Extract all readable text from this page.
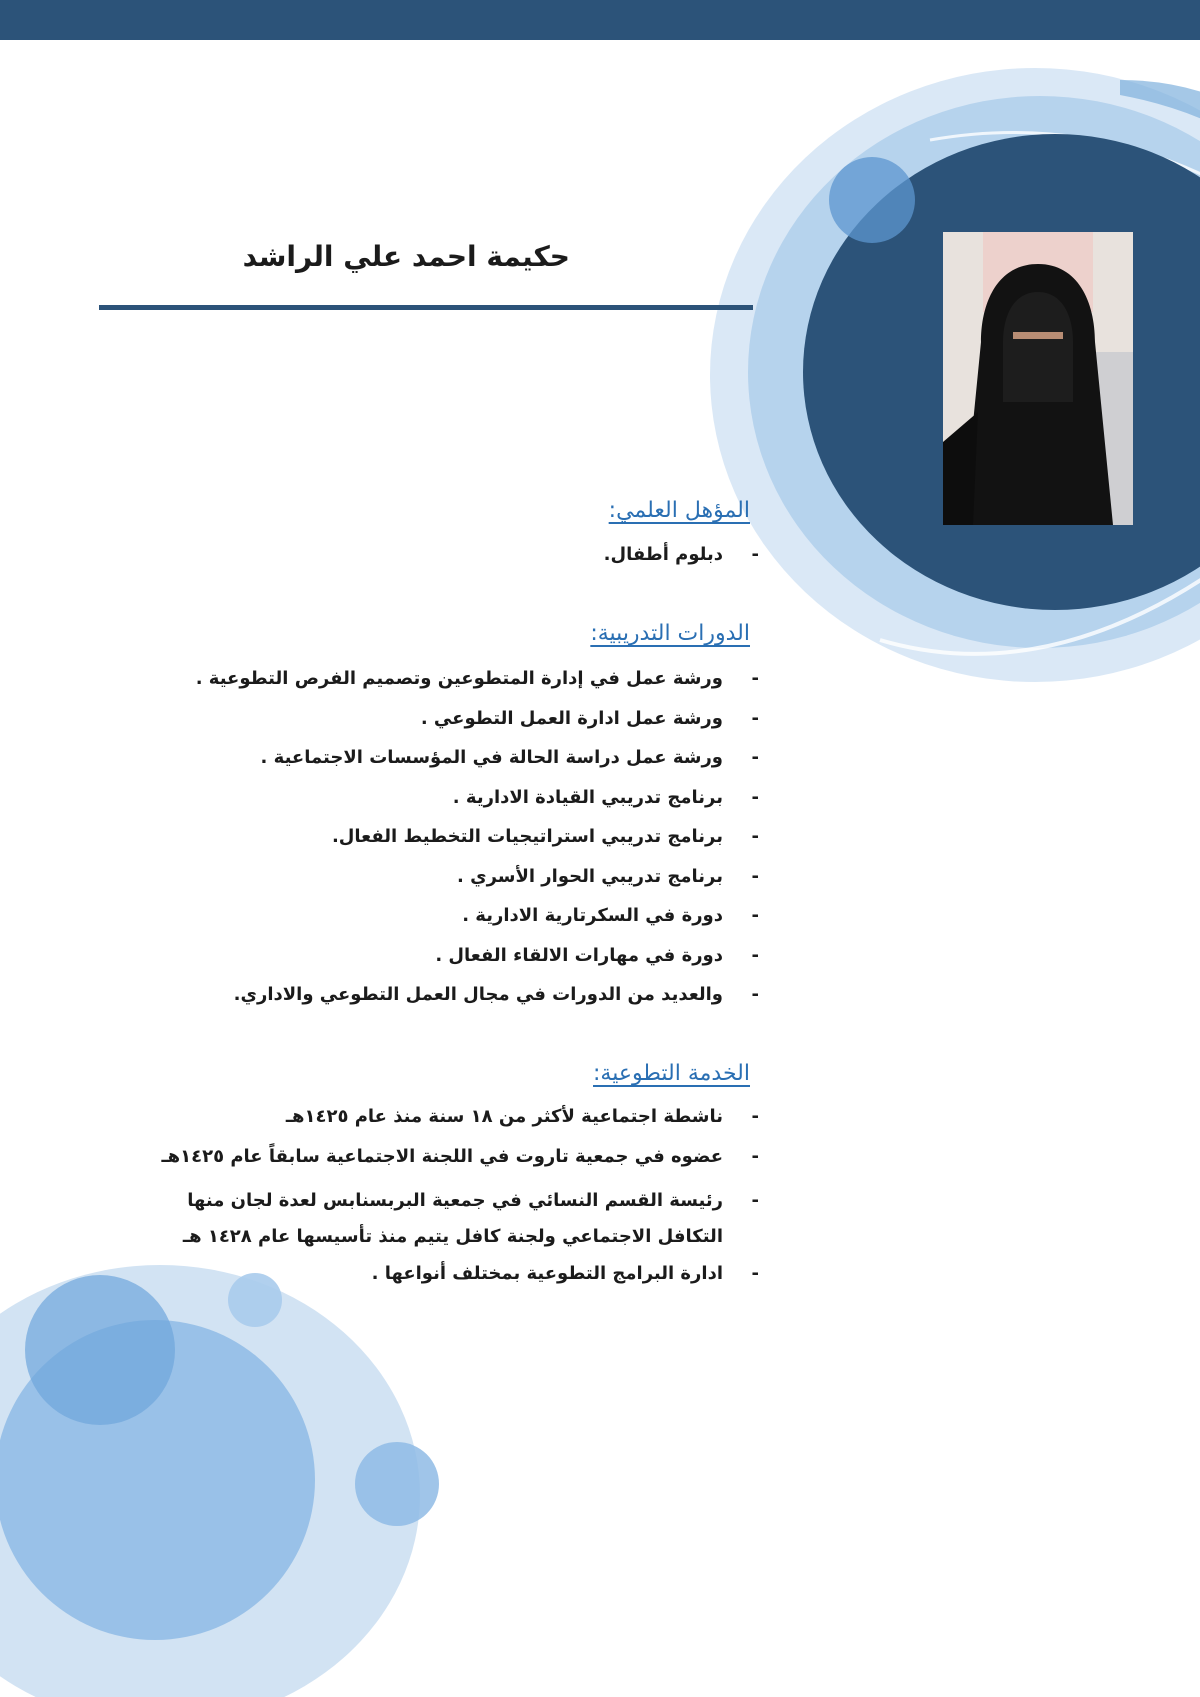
حكيمة احمد علي الراشد
المؤهل العلمي:
- دبلوم أطفال.
الدورات التدريبية:
- ورشة عمل في إدارة المتطوعين وتصميم الفرص التطوعية .
- ورشة عمل ادارة العمل التطوعي .
- ورشة عمل دراسة الحالة في المؤسسات الاجتماعية .
- برنامج تدريبي القيادة الادارية .
- برنامج تدريبي استراتيجيات التخطيط الفعال.
- برنامج تدريبي الحوار الأسري .
- دورة في السكرتارية الادارية .
- دورة في مهارات الالقاء الفعال .
- والعديد من الدورات في مجال العمل التطوعي والاداري.
الخدمة التطوعية:
- ناشطة اجتماعية لأكثر من ١٨ سنة منذ عام ١٤٢٥هـ
- عضوه في جمعية تاروت في اللجنة الاجتماعية سابقاً عام ١٤٢٥هـ
- رئيسة القسم النسائي في جمعية البربسنابس لعدة لجان منها التكافل الاجتماعي ولجنة كافل يتيم منذ تأسيسها عام ١٤٢٨ هـ
- ادارة البرامج التطوعية بمختلف أنواعها .
